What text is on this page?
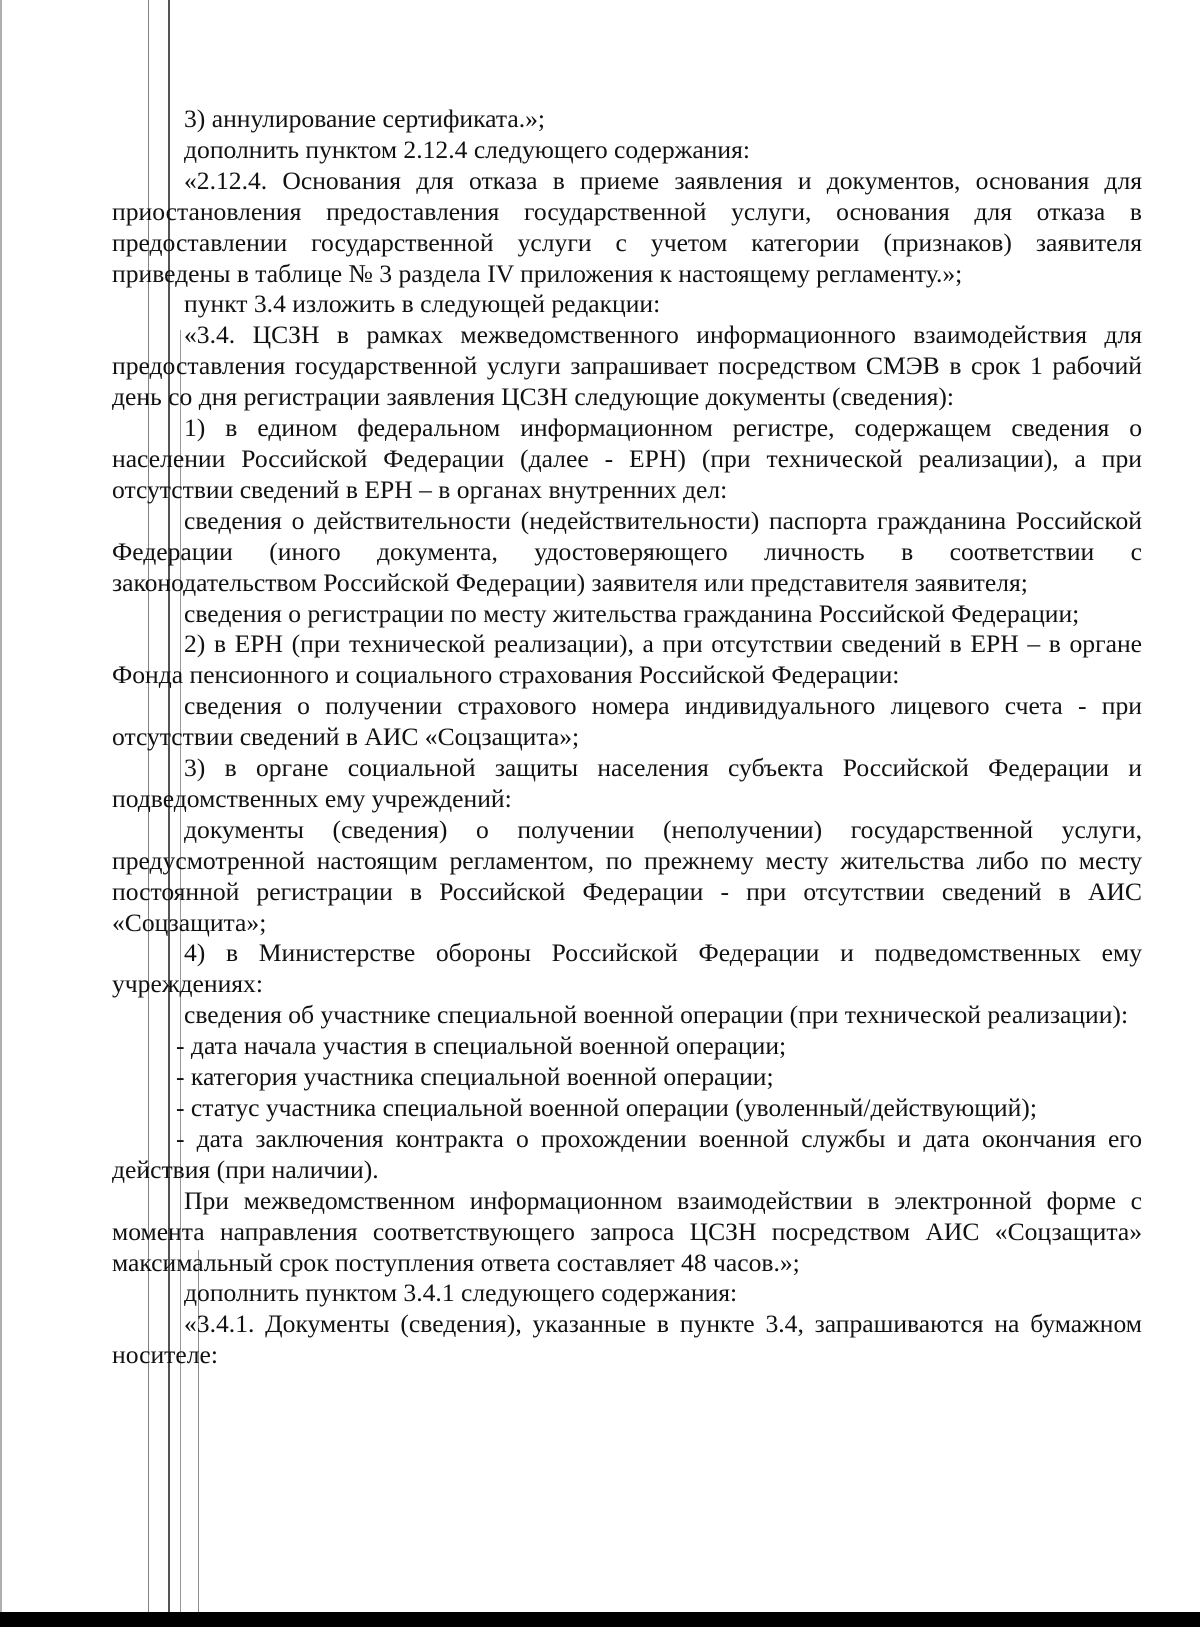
3) аннулирование сертификата.»;

дополнить пунктом 2.12.4 следующего содержания:

«2.12.4. Основания для отказа в приеме заявления и документов, основания для приостановления предоставления государственной услуги, основания для отказа в предоставлении государственной услуги с учетом категории (признаков) заявителя приведены в таблице № 3 раздела IV приложения к настоящему регламенту.»;

пункт 3.4 изложить в следующей редакции:

«3.4. ЦСЗН в рамках межведомственного информационного взаимодействия для предоставления государственной услуги запрашивает посредством СМЭВ в срок 1 рабочий день со дня регистрации заявления ЦСЗН следующие документы (сведения):

1) в едином федеральном информационном регистре, содержащем сведения о населении Российской Федерации (далее - ЕРН) (при технической реализации), а при отсутствии сведений в ЕРН – в органах внутренних дел:

сведения о действительности (недействительности) паспорта гражданина Российской Федерации (иного документа, удостоверяющего личность в соответствии с законодательством Российской Федерации) заявителя или представителя заявителя;

сведения о регистрации по месту жительства гражданина Российской Федерации;

2) в ЕРН (при технической реализации), а при отсутствии сведений в ЕРН – в органе Фонда пенсионного и социального страхования Российской Федерации:

сведения о получении страхового номера индивидуального лицевого счета - при отсутствии сведений в АИС «Соцзащита»;

3) в органе социальной защиты населения субъекта Российской Федерации и подведомственных ему учреждений:

документы (сведения) о получении (неполучении) государственной услуги, предусмотренной настоящим регламентом, по прежнему месту жительства либо по месту постоянной регистрации в Российской Федерации - при отсутствии сведений в АИС «Соцзащита»;

4) в Министерстве обороны Российской Федерации и подведомственных ему учреждениях:

сведения об участнике специальной военной операции (при технической реализации):

- дата начала участия в специальной военной операции;

- категория участника специальной военной операции;

- статус участника специальной военной операции (уволенный/действующий);

- дата заключения контракта о прохождении военной службы и дата окончания его действия (при наличии).

При межведомственном информационном взаимодействии в электронной форме с момента направления соответствующего запроса ЦСЗН посредством АИС «Соцзащита» максимальный срок поступления ответа составляет 48 часов.»;

дополнить пунктом 3.4.1 следующего содержания:

«3.4.1. Документы (сведения), указанные в пункте 3.4, запрашиваются на бумажном носителе:
